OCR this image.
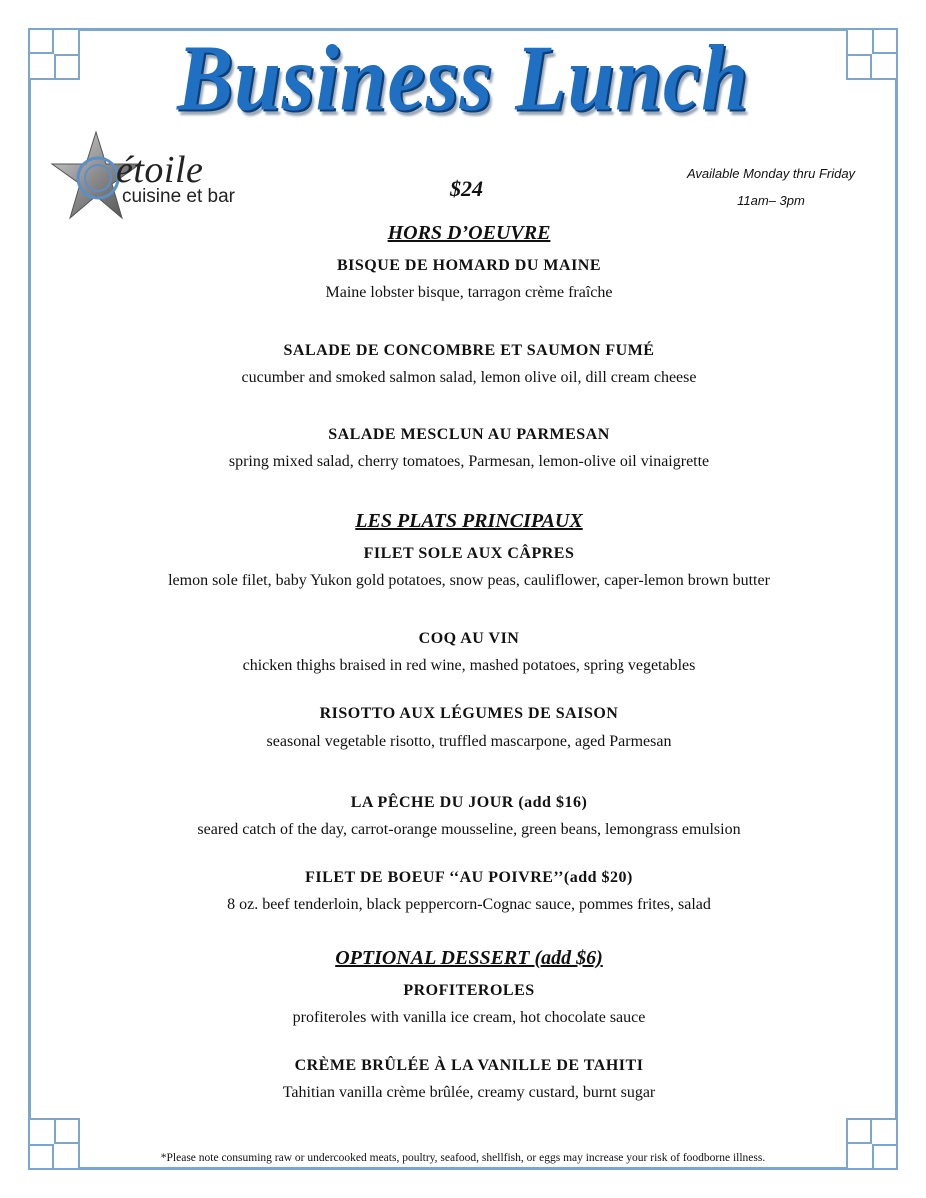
Business Lunch
étoile
cuisine et bar	$24
Available Monday thru Friday
11am– 3pm
HORS D’OEUVRE
BISQUE DE HOMARD DU MAINE
Maine lobster bisque, tarragon crème fraîche
SALADE DE CONCOMBRE ET SAUMON FUMÉ
cucumber and smoked salmon salad, lemon olive oil, dill cream cheese
SALADE MESCLUN AU PARMESAN
spring mixed salad, cherry tomatoes, Parmesan, lemon-olive oil vinaigrette
LES PLATS PRINCIPAUX
FILET SOLE AUX CÂPRES
lemon sole filet, baby Yukon gold potatoes, snow peas, cauliflower, caper-lemon brown butter
COQ AU VIN
chicken thighs braised in red wine, mashed potatoes, spring vegetables
RISOTTO AUX LÉGUMES DE SAISON
seasonal vegetable risotto, truffled mascarpone, aged Parmesan
LA PÊCHE DU JOUR (add $16)
seared catch of the day, carrot-orange mousseline, green beans, lemongrass emulsion
FILET DE BOEUF ‘‘AU POIVRE’’(add $20)
8 oz. beef tenderloin, black peppercorn-Cognac sauce, pommes frites, salad
OPTIONAL DESSERT (add $6)
PROFITEROLES
profiteroles with vanilla ice cream, hot chocolate sauce
CRÈME BRÛLÉE À LA VANILLE DE TAHITI
Tahitian vanilla crème brûlée, creamy custard, burnt sugar
*Please note consuming raw or undercooked meats, poultry, seafood, shellfish, or eggs may increase your risk of foodborne illness.
